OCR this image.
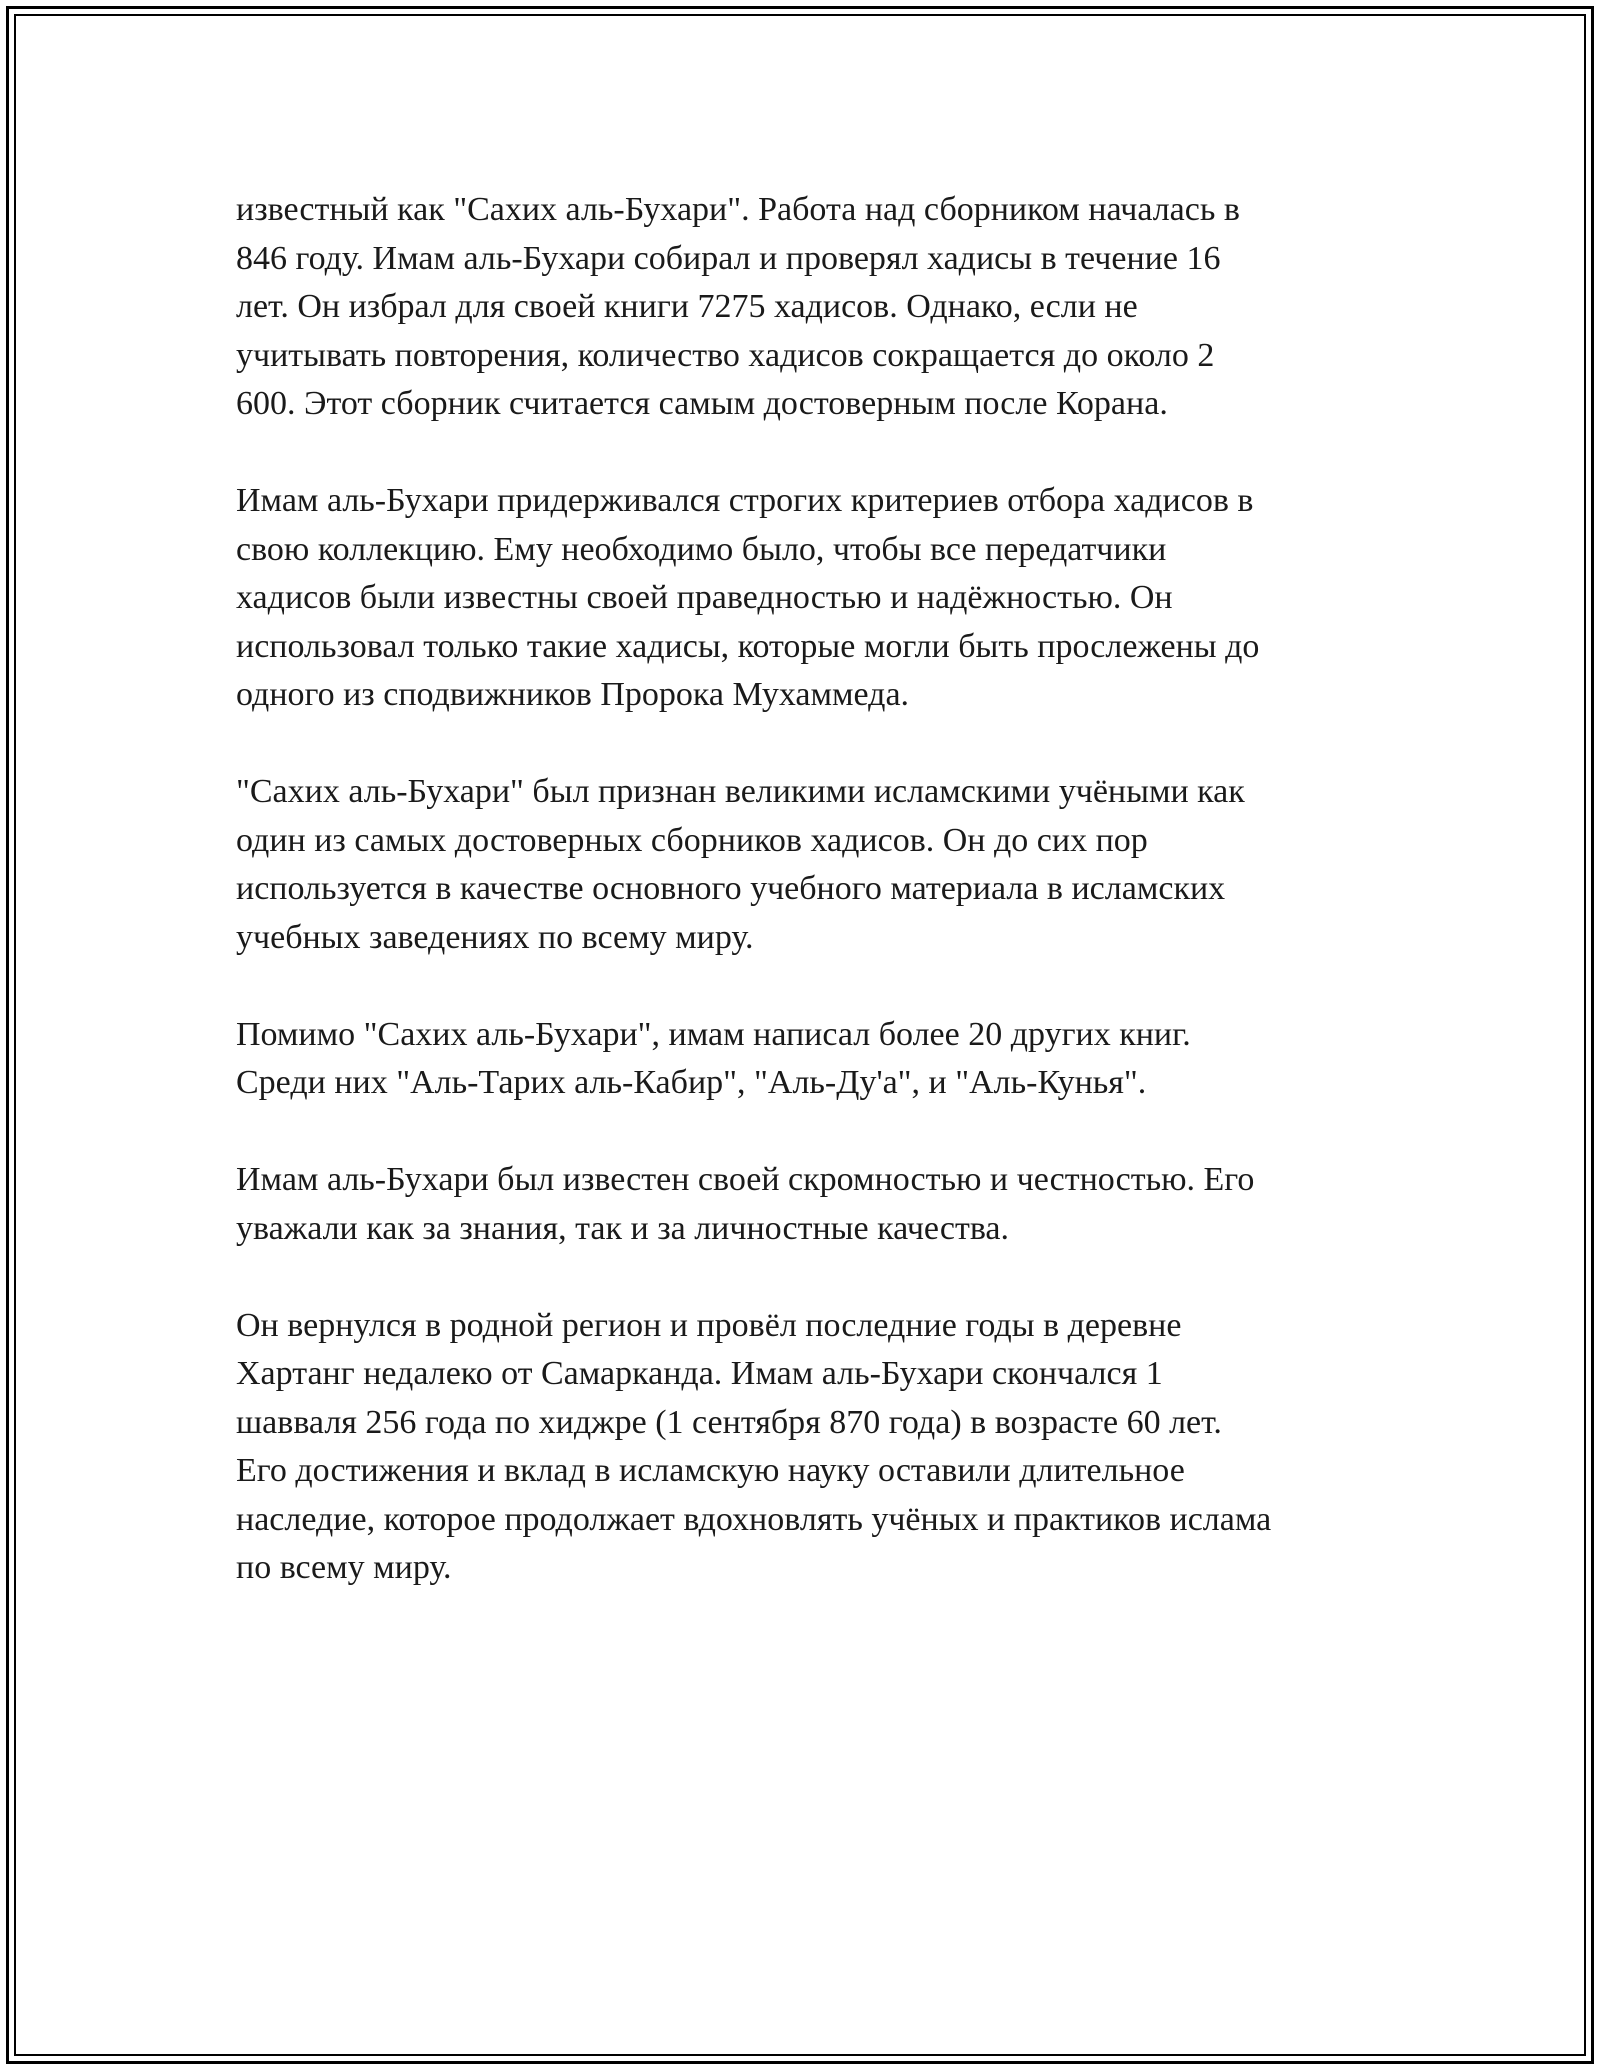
известный как "Сахих аль-Бухари". Работа над сборником началась в
846 году. Имам аль-Бухари собирал и проверял хадисы в течение 16
лет. Он избрал для своей книги 7275 хадисов. Однако, если не
учитывать повторения, количество хадисов сокращается до около 2
600. Этот сборник считается самым достоверным после Корана.

Имам аль-Бухари придерживался строгих критериев отбора хадисов в
свою коллекцию. Ему необходимо было, чтобы все передатчики
хадисов были известны своей праведностью и надёжностью. Он
использовал только такие хадисы, которые могли быть прослежены до
одного из сподвижников Пророка Мухаммеда.

"Сахих аль-Бухари" был признан великими исламскими учёными как
один из самых достоверных сборников хадисов. Он до сих пор
используется в качестве основного учебного материала в исламских
учебных заведениях по всему миру.

Помимо "Сахих аль-Бухари", имам написал более 20 других книг.
Среди них "Аль-Тарих аль-Кабир", "Аль-Ду'а", и "Аль-Кунья".

Имам аль-Бухари был известен своей скромностью и честностью. Его
уважали как за знания, так и за личностные качества.

Он вернулся в родной регион и провёл последние годы в деревне
Хартанг недалеко от Самарканда. Имам аль-Бухари скончался 1
шавваля 256 года по хиджре (1 сентября 870 года) в возрасте 60 лет.
Его достижения и вклад в исламскую науку оставили длительное
наследие, которое продолжает вдохновлять учёных и практиков ислама
по всему миру.
